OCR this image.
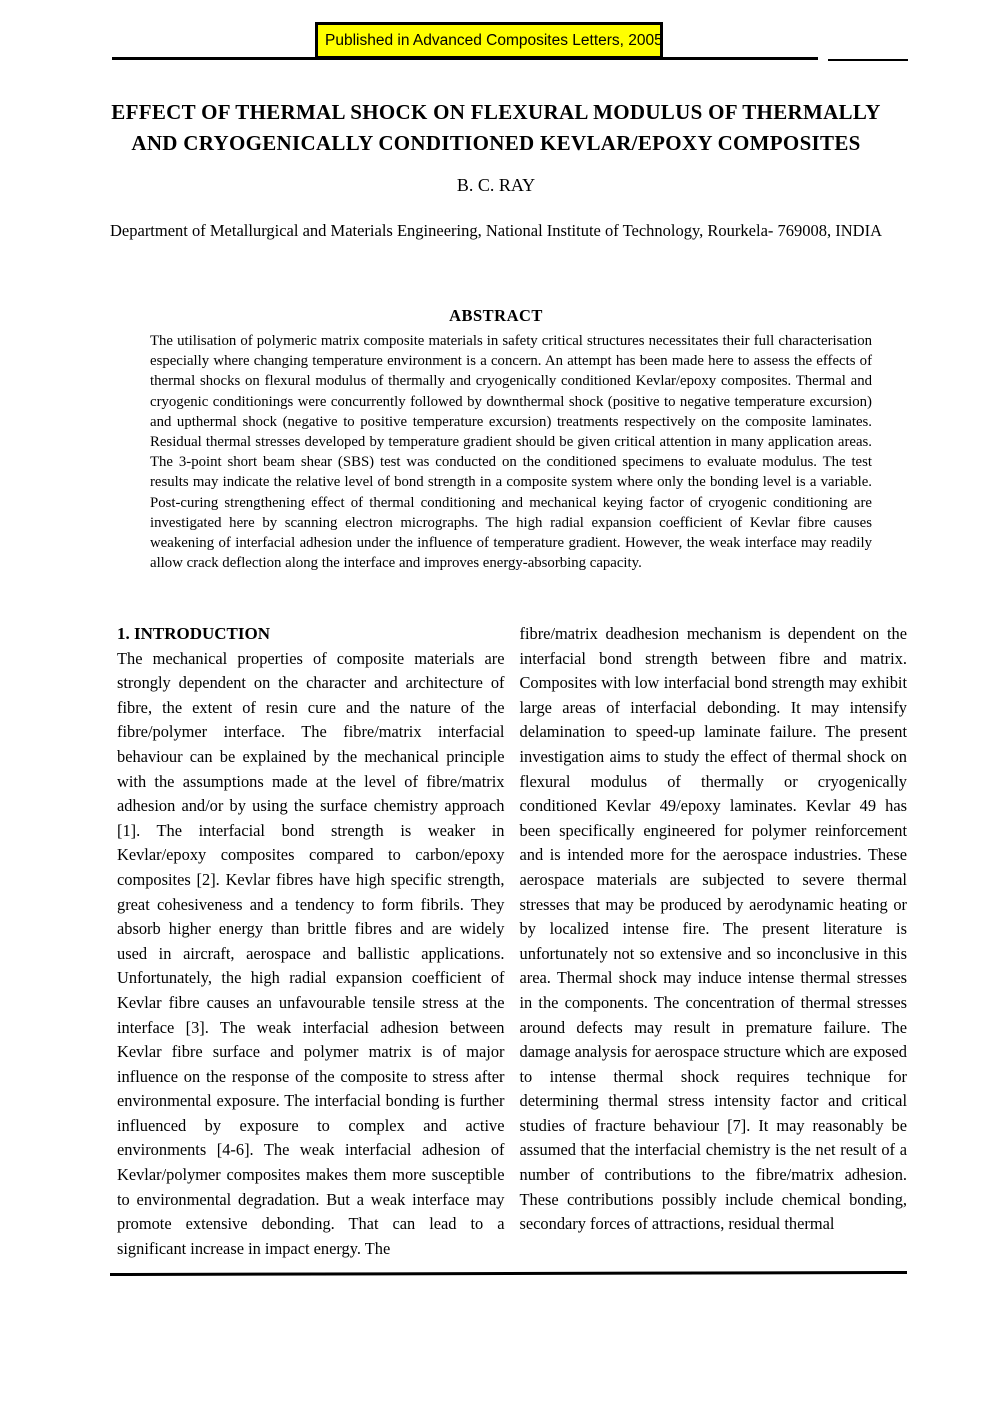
Published in Advanced Composites Letters, 2005
EFFECT OF THERMAL SHOCK ON FLEXURAL MODULUS OF THERMALLY
AND CRYOGENICALLY CONDITIONED KEVLAR/EPOXY COMPOSITES
B. C. RAY
Department of Metallurgical and Materials Engineering, National Institute of Technology, Rourkela- 769008, INDIA
ABSTRACT
The utilisation of polymeric matrix composite materials in safety critical structures necessitates their full characterisation especially where changing temperature environment is a concern. An attempt has been made here to assess the effects of thermal shocks on flexural modulus of thermally and cryogenically conditioned Kevlar/epoxy composites. Thermal and cryogenic conditionings were concurrently followed by downthermal shock (positive to negative temperature excursion) and upthermal shock (negative to positive temperature excursion) treatments respectively on the composite laminates. Residual thermal stresses developed by temperature gradient should be given critical attention in many application areas. The 3-point short beam shear (SBS) test was conducted on the conditioned specimens to evaluate modulus. The test results may indicate the relative level of bond strength in a composite system where only the bonding level is a variable. Post-curing strengthening effect of thermal conditioning and mechanical keying factor of cryogenic conditioning are investigated here by scanning electron micrographs. The high radial expansion coefficient of Kevlar fibre causes weakening of interfacial adhesion under the influence of temperature gradient. However, the weak interface may readily allow crack deflection along the interface and improves energy-absorbing capacity.
1. INTRODUCTION

The mechanical properties of composite materials are strongly dependent on the character and architecture of fibre, the extent of resin cure and the nature of the fibre/polymer interface. The fibre/matrix interfacial behaviour can be explained by the mechanical principle with the assumptions made at the level of fibre/matrix adhesion and/or by using the surface chemistry approach [1]. The interfacial bond strength is weaker in Kevlar/epoxy composites compared to carbon/epoxy composites [2]. Kevlar fibres have high specific strength, great cohesiveness and a tendency to form fibrils. They absorb higher energy than brittle fibres and are widely used in aircraft, aerospace and ballistic applications. Unfortunately, the high radial expansion coefficient of Kevlar fibre causes an unfavourable tensile stress at the interface [3]. The weak interfacial adhesion between Kevlar fibre surface and polymer matrix is of major influence on the response of the composite to stress after environmental exposure. The interfacial bonding is further influenced by exposure to complex and active environments [4-6]. The weak interfacial adhesion of Kevlar/polymer composites makes them more susceptible to environmental degradation. But a weak interface may promote extensive debonding. That can lead to a significant increase in impact energy. The

fibre/matrix deadhesion mechanism is dependent on the interfacial bond strength between fibre and matrix. Composites with low interfacial bond strength may exhibit large areas of interfacial debonding. It may intensify delamination to speed-up laminate failure. The present investigation aims to study the effect of thermal shock on flexural modulus of thermally or cryogenically conditioned Kevlar 49/epoxy laminates. Kevlar 49 has been specifically engineered for polymer reinforcement and is intended more for the aerospace industries. These aerospace materials are subjected to severe thermal stresses that may be produced by aerodynamic heating or by localized intense fire. The present literature is unfortunately not so extensive and so inconclusive in this area. Thermal shock may induce intense thermal stresses in the components. The concentration of thermal stresses around defects may result in premature failure. The damage analysis for aerospace structure which are exposed to intense thermal shock requires technique for determining thermal stress intensity factor and critical studies of fracture behaviour [7]. It may reasonably be assumed that the interfacial chemistry is the net result of a number of contributions to the fibre/matrix adhesion. These contributions possibly include chemical bonding, secondary forces of attractions, residual thermal
